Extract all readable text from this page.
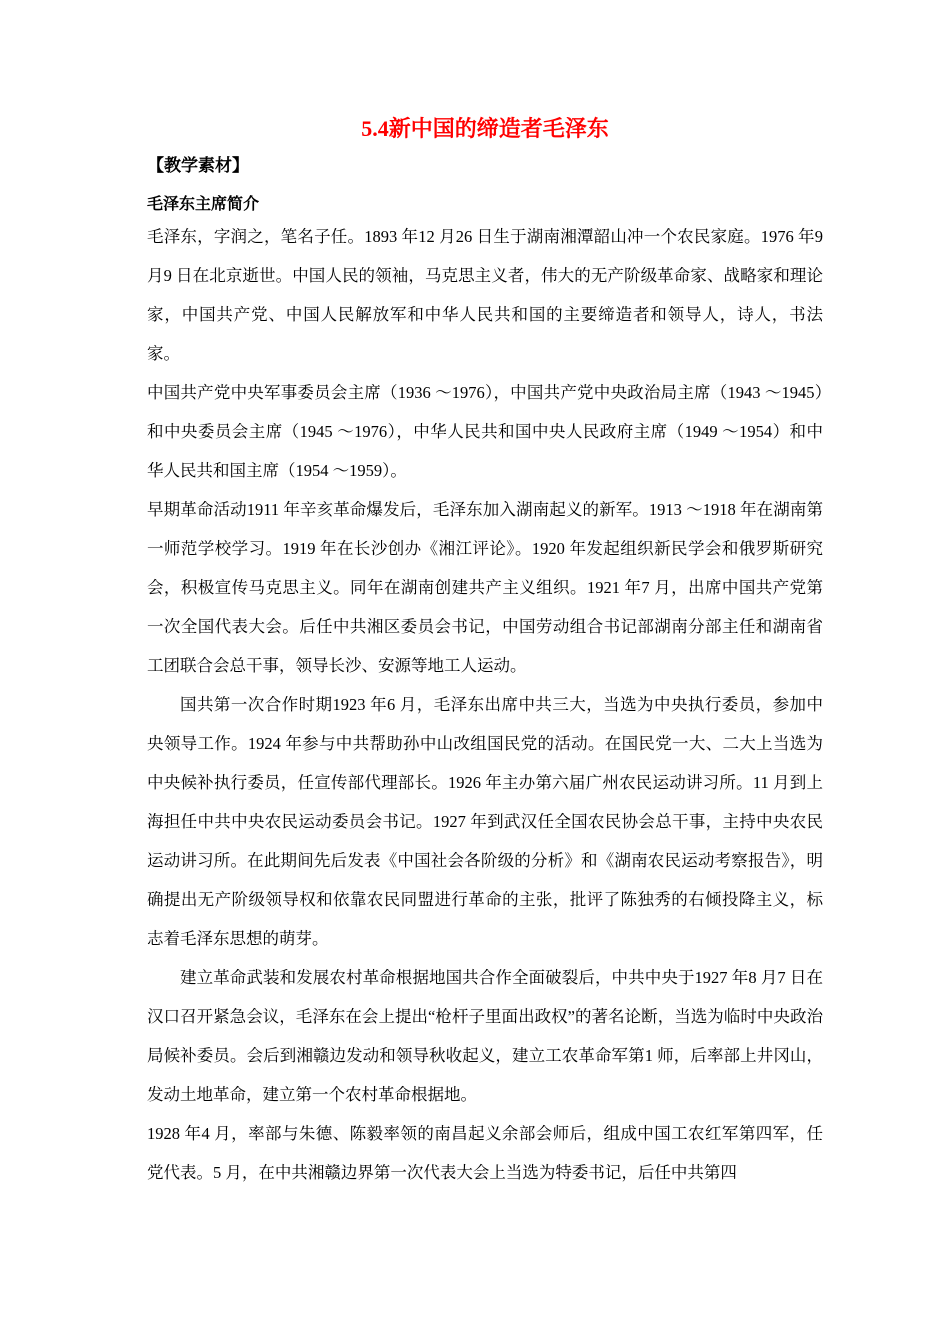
5.4新中国的缔造者毛泽东
【教学素材】
毛泽东主席简介

毛泽东，字润之，笔名子任。1893 年12 月26 日生于湖南湘潭韶山冲一个农民家庭。1976 年9 月9 日在北京逝世。中国人民的领袖，马克思主义者，伟大的无产阶级革命家、战略家和理论家，中国共产党、中国人民解放军和中华人民共和国的主要缔造者和领导人，诗人，书法家。

中国共产党中央军事委员会主席（1936 ～1976），中国共产党中央政治局主席（1943 ～1945）和中央委员会主席（1945 ～1976），中华人民共和国中央人民政府主席（1949 ～1954）和中华人民共和国主席（1954 ～1959）。

早期革命活动1911 年辛亥革命爆发后，毛泽东加入湖南起义的新军。1913 ～1918 年在湖南第一师范学校学习。1919 年在长沙创办《湘江评论》。1920 年发起组织新民学会和俄罗斯研究会，积极宣传马克思主义。同年在湖南创建共产主义组织。1921 年7 月，出席中国共产党第一次全国代表大会。后任中共湘区委员会书记，中国劳动组合书记部湖南分部主任和湖南省工团联合会总干事，领导长沙、安源等地工人运动。

国共第一次合作时期1923 年6 月，毛泽东出席中共三大，当选为中央执行委员，参加中央领导工作。1924 年参与中共帮助孙中山改组国民党的活动。在国民党一大、二大上当选为中央候补执行委员，任宣传部代理部长。1926 年主办第六届广州农民运动讲习所。11 月到上海担任中共中央农民运动委员会书记。1927 年到武汉任全国农民协会总干事，主持中央农民运动讲习所。在此期间先后发表《中国社会各阶级的分析》和《湖南农民运动考察报告》，明确提出无产阶级领导权和依靠农民同盟进行革命的主张，批评了陈独秀的右倾投降主义，标志着毛泽东思想的萌芽。

建立革命武装和发展农村革命根据地国共合作全面破裂后，中共中央于1927 年8 月7 日在汉口召开紧急会议，毛泽东在会上提出“枪杆子里面出政权”的著名论断，当选为临时中央政治局候补委员。会后到湘赣边发动和领导秋收起义，建立工农革命军第1 师，后率部上井冈山，发动土地革命，建立第一个农村革命根据地。

1928 年4 月，率部与朱德、陈毅率领的南昌起义余部会师后，组成中国工农红军第四军，任党代表。5 月，在中共湘赣边界第一次代表大会上当选为特委书记，后任中共第四
